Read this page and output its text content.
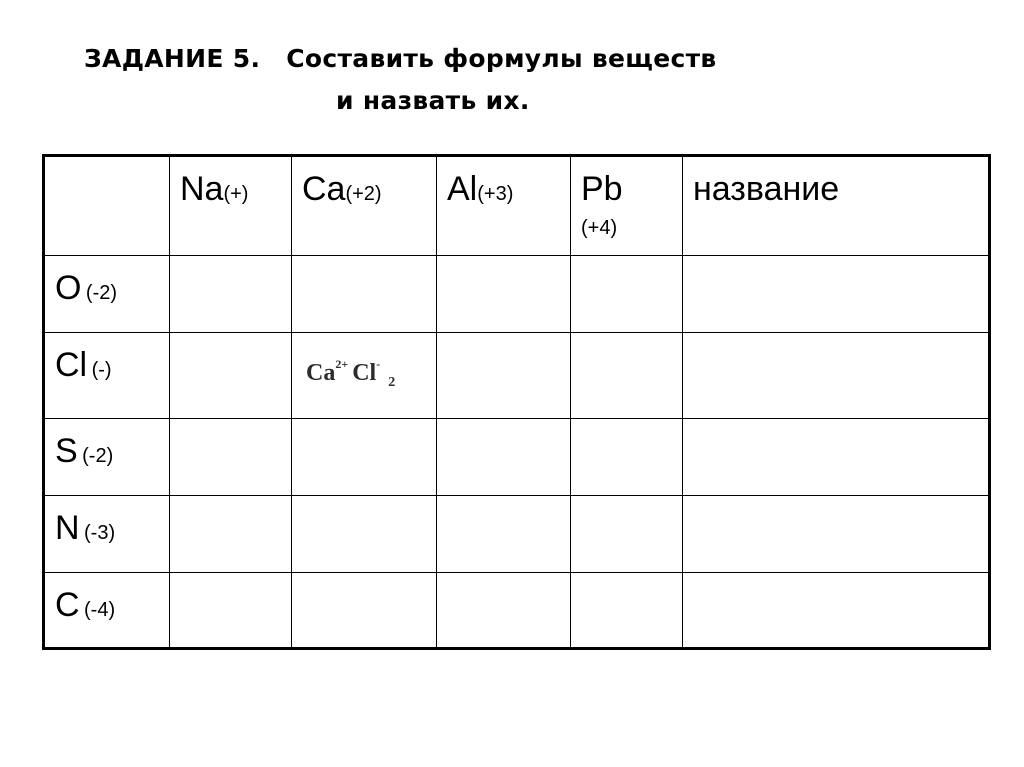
ЗАДАНИЕ 5. Составить формулы веществ
и назвать их.
	Na(+)	Ca(+2)	Al(+3)	Pb
(+4)	название
O (-2)					
Cl (-)		$Ca^{2+}$ $Cl^-_2$			
S (-2)					
N (-3)					
C (-4)					
